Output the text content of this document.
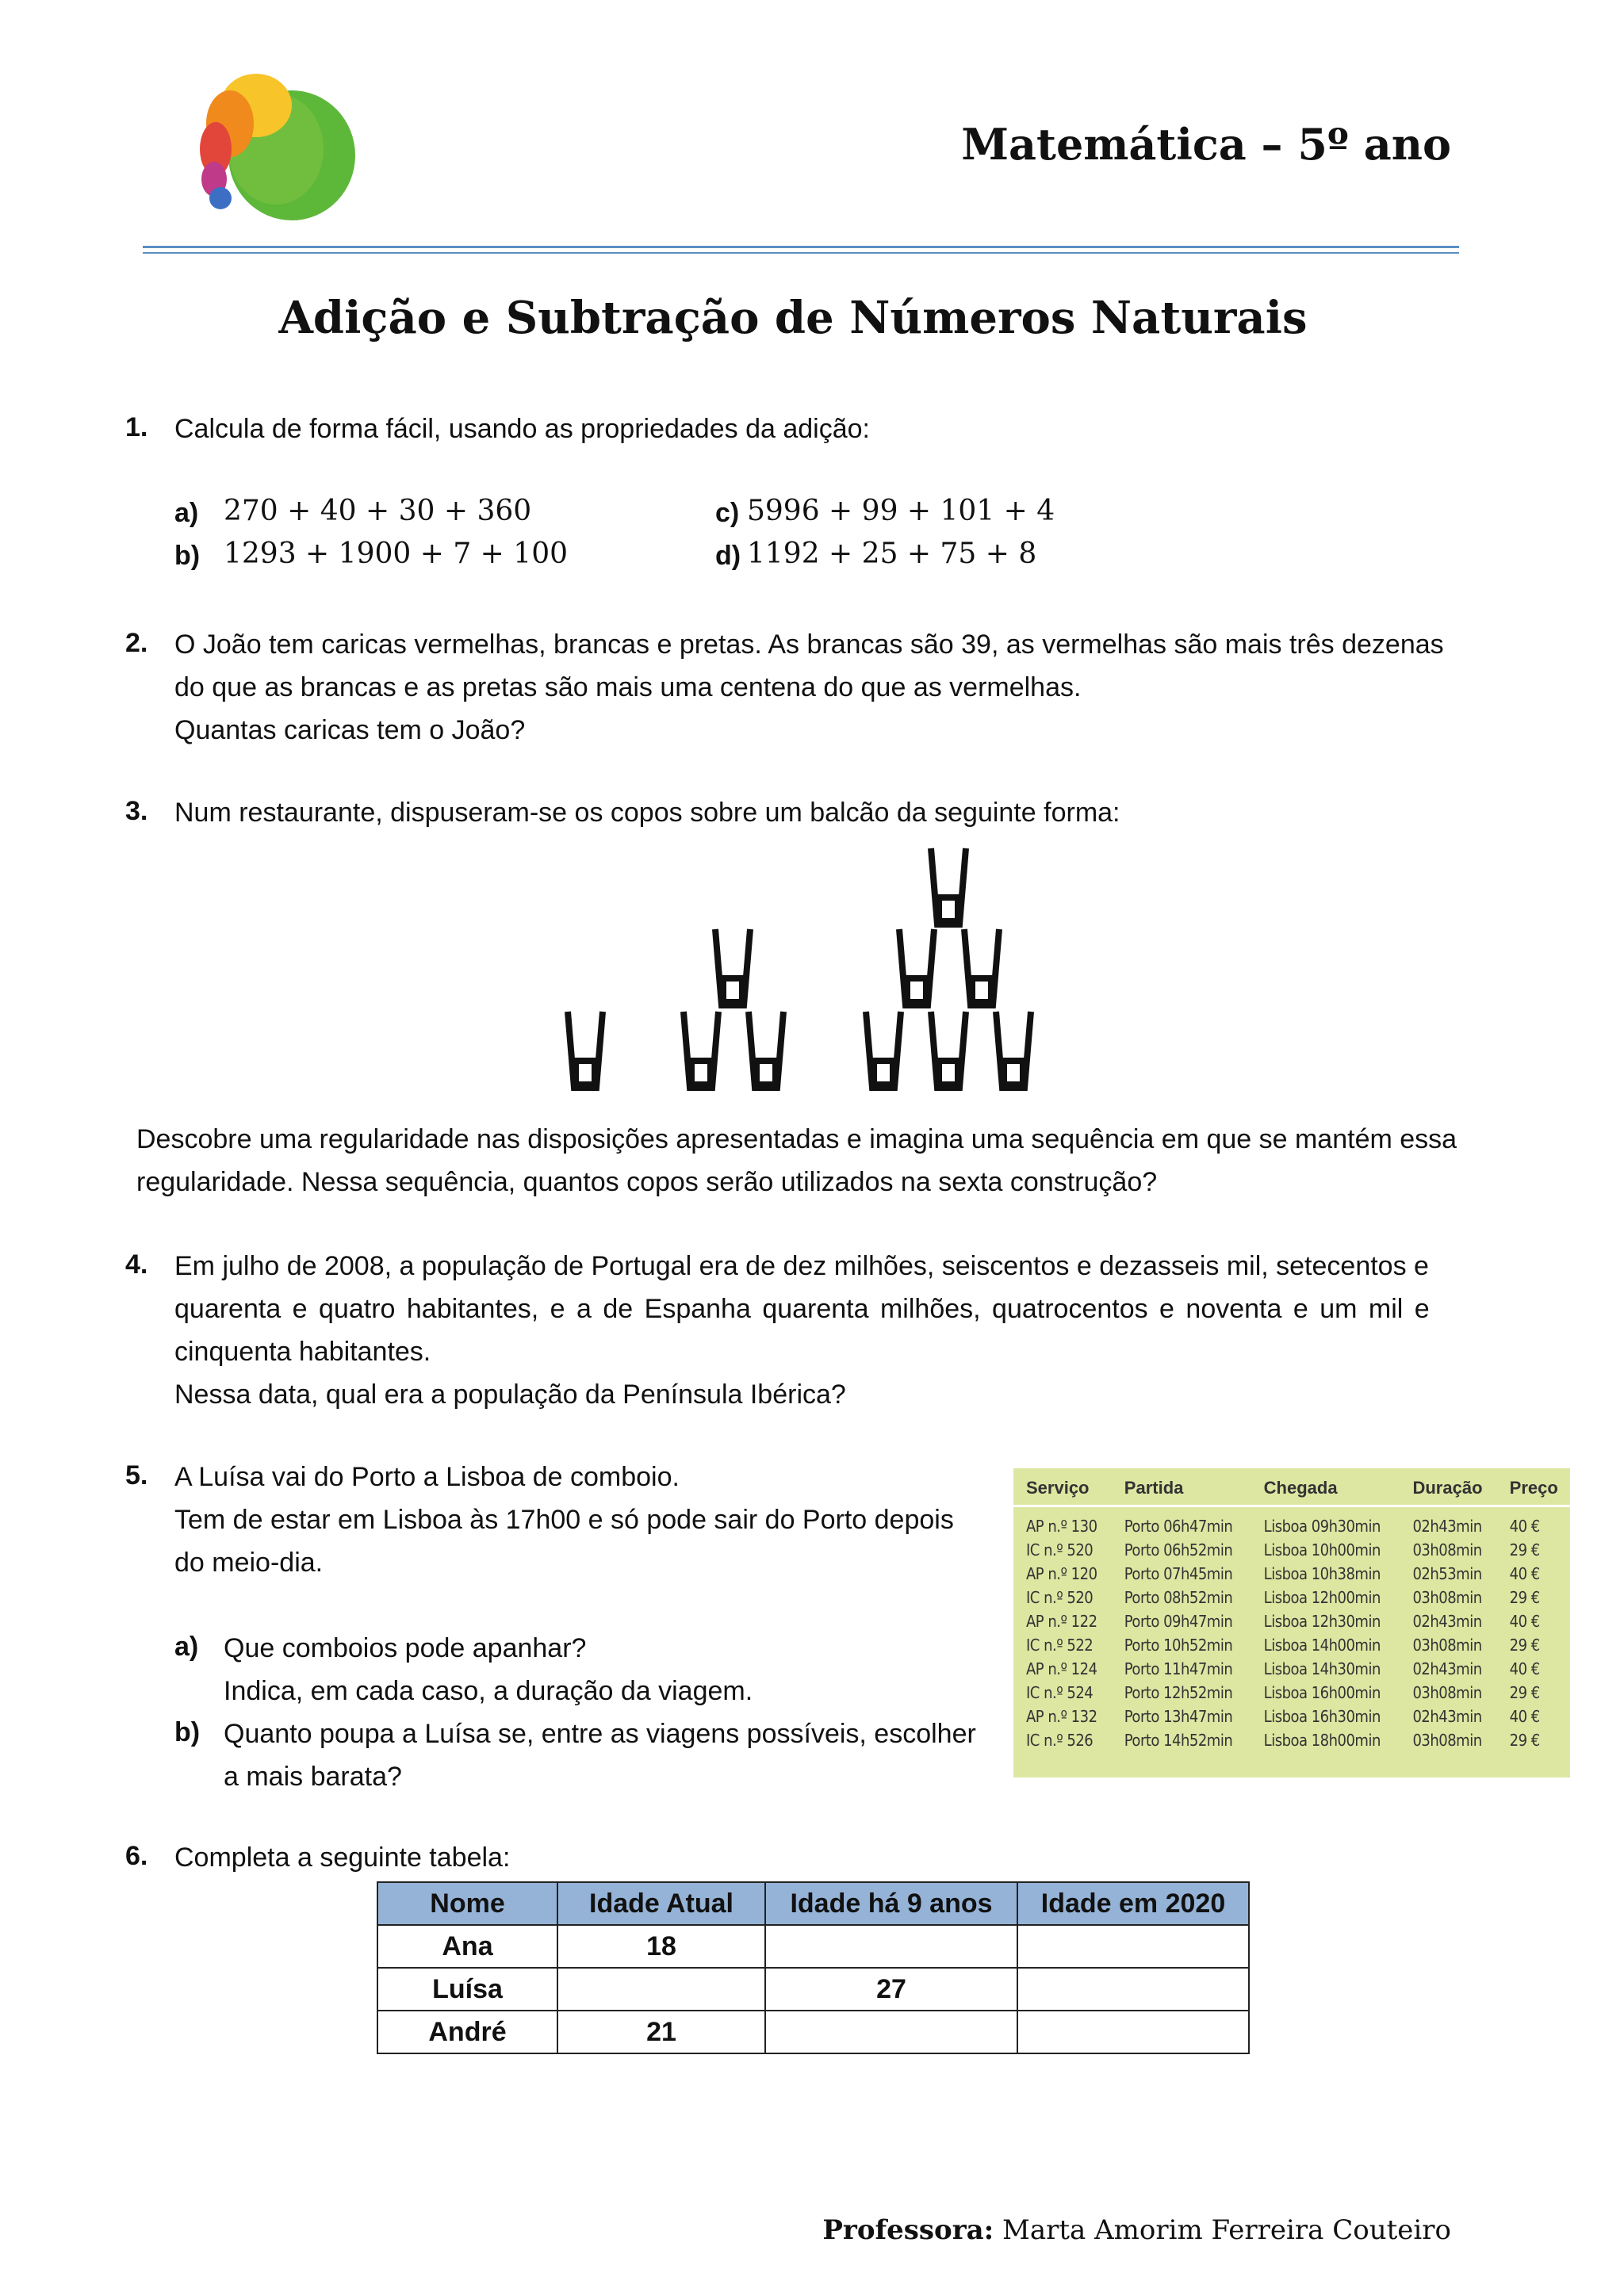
Matemática – 5º ano
Adição e Subtração de Números Naturais
1. Calcula de forma fácil, usando as propriedades da adição:
a) 270 + 40 + 30 + 360
b) 1293 + 1900 + 7 + 100
c) 5996 + 99 + 101 + 4
d) 1192 + 25 + 75 + 8
2. O João tem caricas vermelhas, brancas e pretas. As brancas são 39, as vermelhas são mais três dezenas
do que as brancas e as pretas são mais uma centena do que as vermelhas.
Quantas caricas tem o João?
3. Num restaurante, dispuseram-se os copos sobre um balcão da seguinte forma:
Descobre uma regularidade nas disposições apresentadas e imagina uma sequência em que se mantém essa
regularidade. Nessa sequência, quantos copos serão utilizados na sexta construção?
4. Em julho de 2008, a população de Portugal era de dez milhões, seiscentos e dezasseis mil, setecentos e
quarenta e quatro habitantes, e a de Espanha quarenta milhões, quatrocentos e noventa e um mil e
cinquenta habitantes.
Nessa data, qual era a população da Península Ibérica?
5. A Luísa vai do Porto a Lisboa de comboio.
Tem de estar em Lisboa às 17h00 e só pode sair do Porto depois
do meio-dia.
a) Que comboios pode apanhar?
Indica, em cada caso, a duração da viagem.
b) Quanto poupa a Luísa se, entre as viagens possíveis, escolher
a mais barata?
Serviço	Partida	Chegada	Duração	Preço
AP n.º 130	Porto 06h47min	Lisboa 09h30min	02h43min	40 €
IC n.º 520	Porto 06h52min	Lisboa 10h00min	03h08min	29 €
AP n.º 120	Porto 07h45min	Lisboa 10h38min	02h53min	40 €
IC n.º 520	Porto 08h52min	Lisboa 12h00min	03h08min	29 €
AP n.º 122	Porto 09h47min	Lisboa 12h30min	02h43min	40 €
IC n.º 522	Porto 10h52min	Lisboa 14h00min	03h08min	29 €
AP n.º 124	Porto 11h47min	Lisboa 14h30min	02h43min	40 €
IC n.º 524	Porto 12h52min	Lisboa 16h00min	03h08min	29 €
AP n.º 132	Porto 13h47min	Lisboa 16h30min	02h43min	40 €
IC n.º 526	Porto 14h52min	Lisboa 18h00min	03h08min	29 €
6. Completa a seguinte tabela:
Nome	Idade Atual	Idade há 9 anos	Idade em 2020
Ana	18		
Luísa		27	
André	21		
Professora: Marta Amorim Ferreira Couteiro
